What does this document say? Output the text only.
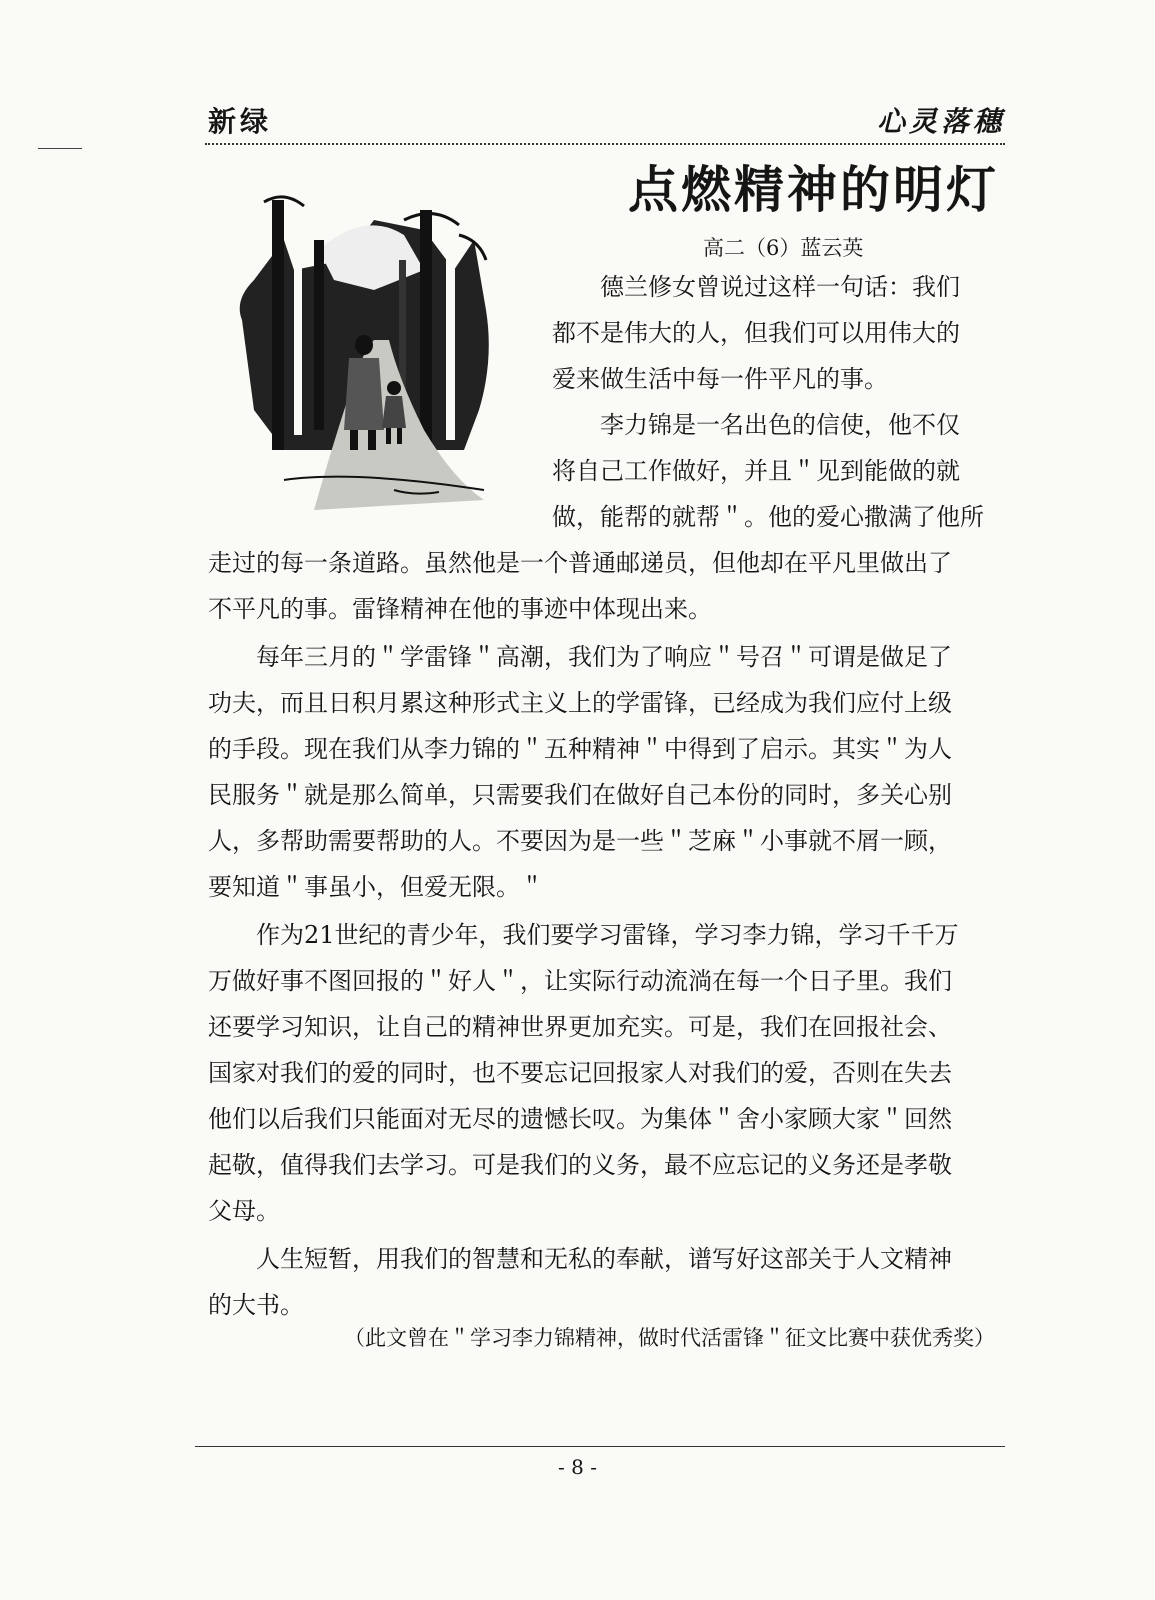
新绿	心灵落穗
点燃精神的明灯
高二（6）蓝云英
德兰修女曾说过这样一句话：我们
都不是伟大的人，但我们可以用伟大的
爱来做生活中每一件平凡的事。
李力锦是一名出色的信使，他不仅
将自己工作做好，并且＂见到能做的就
做，能帮的就帮＂。他的爱心撒满了他所
走过的每一条道路。虽然他是一个普通邮递员，但他却在平凡里做出了
不平凡的事。雷锋精神在他的事迹中体现出来。
每年三月的＂学雷锋＂高潮，我们为了响应＂号召＂可谓是做足了
功夫，而且日积月累这种形式主义上的学雷锋，已经成为我们应付上级
的手段。现在我们从李力锦的＂五种精神＂中得到了启示。其实＂为人
民服务＂就是那么简单，只需要我们在做好自己本份的同时，多关心别
人，多帮助需要帮助的人。不要因为是一些＂芝麻＂小事就不屑一顾，
要知道＂事虽小，但爱无限。＂
作为21世纪的青少年，我们要学习雷锋，学习李力锦，学习千千万
万做好事不图回报的＂好人＂，让实际行动流淌在每一个日子里。我们
还要学习知识，让自己的精神世界更加充实。可是，我们在回报社会、
国家对我们的爱的同时，也不要忘记回报家人对我们的爱，否则在失去
他们以后我们只能面对无尽的遗憾长叹。为集体＂舍小家顾大家＂回然
起敬，值得我们去学习。可是我们的义务，最不应忘记的义务还是孝敬
父母。
人生短暂，用我们的智慧和无私的奉献，谱写好这部关于人文精神
的大书。
（此文曾在＂学习李力锦精神，做时代活雷锋＂征文比赛中获优秀奖）
- 8 -
